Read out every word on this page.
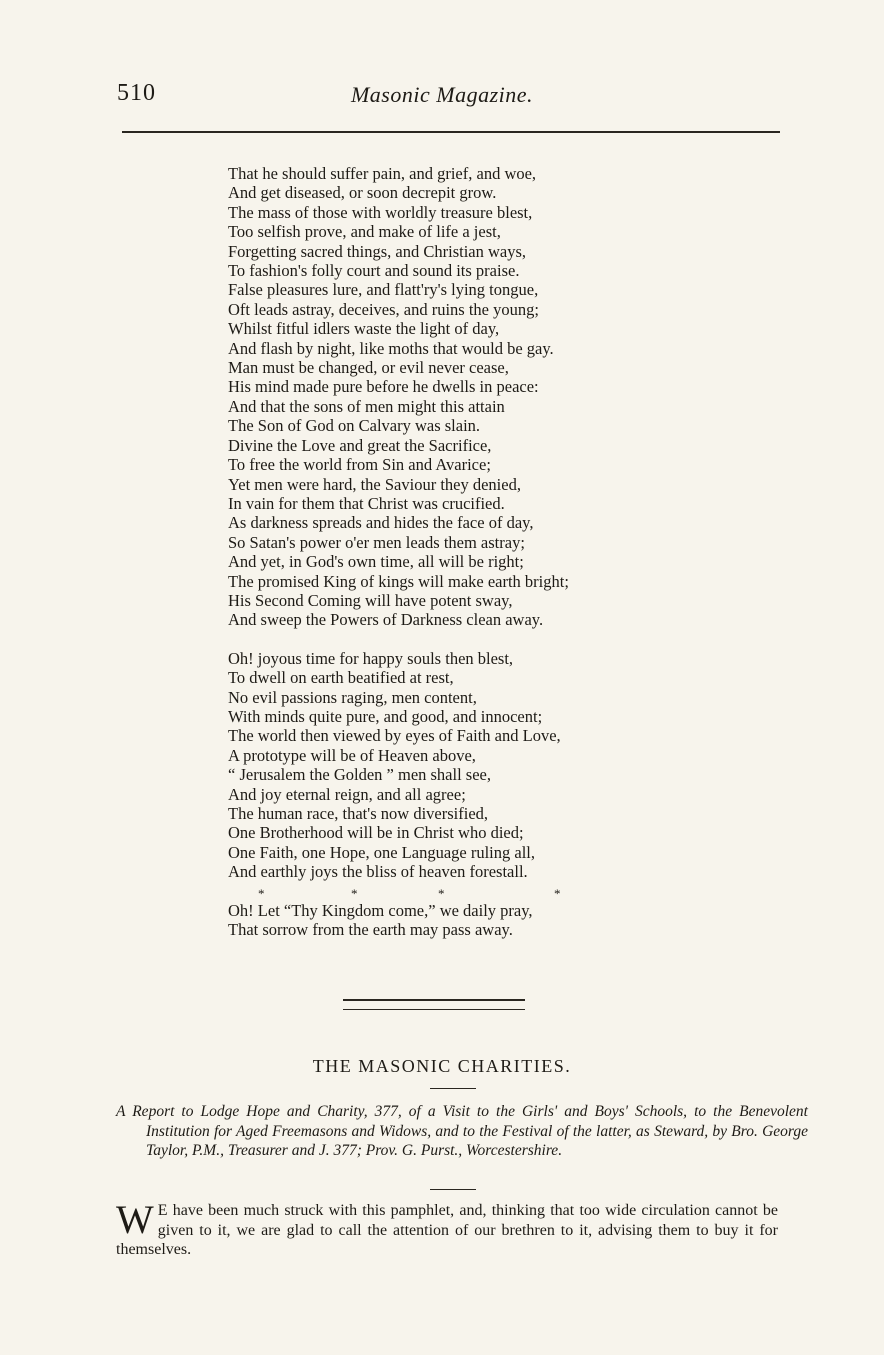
510	Masonic Magazine.
That he should suffer pain, and grief, and woe,
And get diseased, or soon decrepit grow.
The mass of those with worldly treasure blest,
Too selfish prove, and make of life a jest,
Forgetting sacred things, and Christian ways,
To fashion's folly court and sound its praise.
False pleasures lure, and flatt'ry's lying tongue,
Oft leads astray, deceives, and ruins the young;
Whilst fitful idlers waste the light of day,
And flash by night, like moths that would be gay.
Man must be changed, or evil never cease,
His mind made pure before he dwells in peace:
And that the sons of men might this attain
The Son of God on Calvary was slain.
Divine the Love and great the Sacrifice,
To free the world from Sin and Avarice;
Yet men were hard, the Saviour they denied,
In vain for them that Christ was crucified.
As darkness spreads and hides the face of day,
So Satan's power o'er men leads them astray;
And yet, in God's own time, all will be right;
The promised King of kings will make earth bright;
His Second Coming will have potent sway,
And sweep the Powers of Darkness clean away.
Oh! joyous time for happy souls then blest,
To dwell on earth beatified at rest,
No evil passions raging, men content,
With minds quite pure, and good, and innocent;
The world then viewed by eyes of Faith and Love,
A prototype will be of Heaven above,
“ Jerusalem the Golden ” men shall see,
And joy eternal reign, and all agree;
The human race, that's now diversified,
One Brotherhood will be in Christ who died;
One Faith, one Hope, one Language ruling all,
And earthly joys the bliss of heaven forestall.
*	*	*	*
Oh! Let “Thy Kingdom come,” we daily pray,
That sorrow from the earth may pass away.
THE MASONIC CHARITIES.
A Report to Lodge Hope and Charity, 377, of a Visit to the Girls' and Boys' Schools, to the Benevolent Institution for Aged Freemasons and Widows, and to the Festival of the latter, as Steward, by Bro. George Taylor, P.M., Treasurer and J. 377; Prov. G. Purst., Worcestershire.
W E have been much struck with this pamphlet, and, thinking that too wide circulation cannot be given to it, we are glad to call the attention of our brethren to it, advising them to buy it for themselves.
